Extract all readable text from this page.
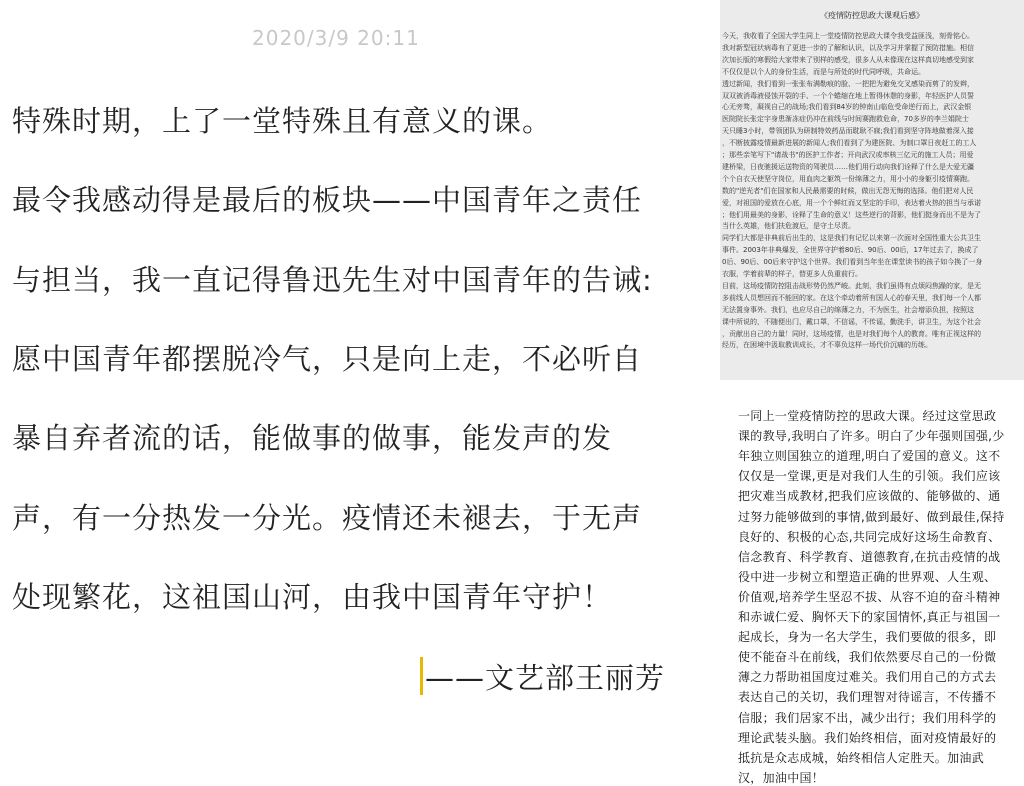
2020/3/9 20:11
特殊时期，上了一堂特殊且有意义的课。
最令我感动得是最后的板块——中国青年之责任
与担当，我一直记得鲁迅先生对中国青年的告诫:
愿中国青年都摆脱冷气，只是向上走，不必听自
暴自弃者流的话，能做事的做事，能发声的发
声，有一分热发一分光。疫情还未褪去，于无声
处现繁花，这祖国山河，由我中国青年守护！
——文艺部王丽芳
《疫情防控思政大课观后感》
今天，我收看了全国大学生同上一堂疫情防控思政大课令我受益匪浅，刻骨铭心。
我对新型冠状病毒有了更进一步的了解和认识，以及学习并掌握了预防措施。相信
次加长版的寒假给大家带来了别样的感受，很多人从未像现在这样真切地感受到家
不仅仅是以个人的身份生活，而是与所处的时代同呼吸，共命运。
透过新闻，我们看到一张张布满勒痕的脸、一把把为避免交叉感染而剪了的发辫，
双双被消毒液侵蚀开裂的手、一个个蜷缩在地上暂得休憩的身影，年轻医护人员誓
心无旁骛，凝视自己的战场;我们看到84岁的钟南山临危受命逆行而上，武汉金银
医院院长张定宇身患渐冻症仍冲在前线与时间赛跑救危命，70多岁的李兰娟院士
天只睡3小时，带领团队为研制特效药品而耽耿不寐;我们看到坚守阵地做着深入接
，不断披露疫情最新进展的新闻人;我们看到了为建医院、为制口罩日夜赶工的工人
；那些亲笔写下"请战书"的医护工作者；开向武汉或率核三亿元的施工人员；用爱
建桥梁，日夜驰援运送物资的驾驶员……他们用行动向我们诠释了什么是大爱无疆
个个自衣天使坚守岗位，用血肉之躯筑一份绵薄之力，用小小的身躯引疫情赛跑。
数的"逆光者"们在国家和人民最需要的时候，做出无怨无悔的选择。他们把对人民
爱，对祖国的爱放在心底，用一个个鲜红而又坚定的手印，表达着火热的担当与承诺
；他们用最美的身影，诠释了生命的意义！这些逆行的背影，他们挺身而出不是为了
当什么英雄，他们扶危渡厄，是守土尽责。
同学们大都是非典前后出生的，这是我们有记忆以来第一次面对全国性重大公共卫生
事件。2003年非典爆发，全世界守护着80后、90后、00后，17年过去了，换成了
0后、90后、00后来守护这个世界。我们看到当年坐在课堂读书的孩子如今换了一身
衣服，学着前辈的样子，替更多人负重前行。
目前，这场疫情防控阻击战形势仍然严峻。此刻，我们虽得有点烦闷焦躁的家，是无
多前线人员想回而不能回的家。在这个牵动着所有国人心的春天里，我们每一个人都
无法置身事外。我们，也应尽自己的绵薄之力，不为医生，社会增添负担，按照这
课中所说的，不随便出门，戴口罩，不信谣，不传谣，勤洗手，讲卫生，为这个社会
，贡献出自己的力量！同时，这场疫情，也是对我们每个人的教育。唯有正视这样的
经历，在困境中汲取教训成长，才不辜负这样一场代价沉痛的历练。
一同上一堂疫情防控的思政大课。经过这堂思政
课的教导,我明白了许多。明白了少年强则国强,少
年独立则国独立的道理,明白了爱国的意义。这不
仅仅是一堂课,更是对我们人生的引领。我们应该
把灾难当成教材,把我们应该做的、能够做的、通
过努力能够做到的事情,做到最好、做到最佳,保持
良好的、积极的心态,共同完成好这场生命教育、
信念教育、科学教育、道德教育,在抗击疫情的战
役中进一步树立和塑造正确的世界观、人生观、
价值观,培养学生坚忍不拔、从容不迫的奋斗精神
和赤诚仁爱、胸怀天下的家国情怀,真正与祖国一
起成长，身为一名大学生，我们要做的很多，即
使不能奋斗在前线，我们依然要尽自己的一份微
薄之力帮助祖国度过难关。我们用自己的方式去
表达自己的关切，我们理智对待谣言，不传播不
信服；我们居家不出，减少出行；我们用科学的
理论武装头脑。我们始终相信，面对疫情最好的
抵抗是众志成城，始终相信人定胜天。加油武
汉，加油中国！
